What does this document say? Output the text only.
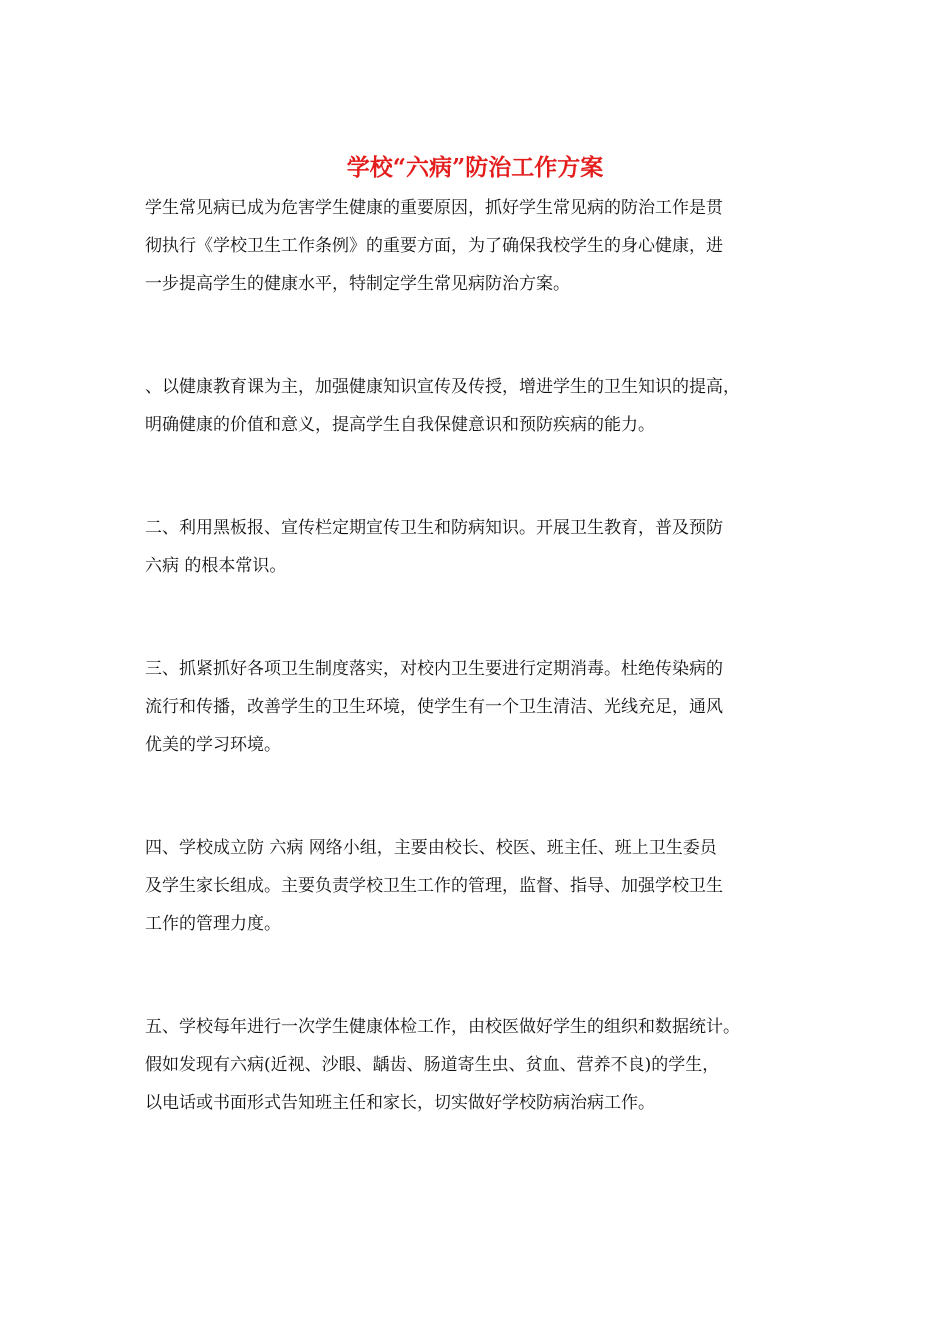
学校“六病”防治工作方案
学生常见病已成为危害学生健康的重要原因，抓好学生常见病的防治工作是贯
彻执行《学校卫生工作条例》的重要方面，为了确保我校学生的身心健康，进
一步提高学生的健康水平，特制定学生常见病防治方案。
、以健康教育课为主，加强健康知识宣传及传授，增进学生的卫生知识的提高，
明确健康的价值和意义，提高学生自我保健意识和预防疾病的能力。
二、利用黑板报、宣传栏定期宣传卫生和防病知识。开展卫生教育，普及预防
六病 的根本常识。
三、抓紧抓好各项卫生制度落实，对校内卫生要进行定期消毒。杜绝传染病的
流行和传播，改善学生的卫生环境，使学生有一个卫生清洁、光线充足，通风
优美的学习环境。
四、学校成立防 六病 网络小组，主要由校长、校医、班主任、班上卫生委员
及学生家长组成。主要负责学校卫生工作的管理，监督、指导、加强学校卫生
工作的管理力度。
五、学校每年进行一次学生健康体检工作，由校医做好学生的组织和数据统计。
假如发现有六病(近视、沙眼、龋齿、肠道寄生虫、贫血、营养不良)的学生，
以电话或书面形式告知班主任和家长，切实做好学校防病治病工作。
